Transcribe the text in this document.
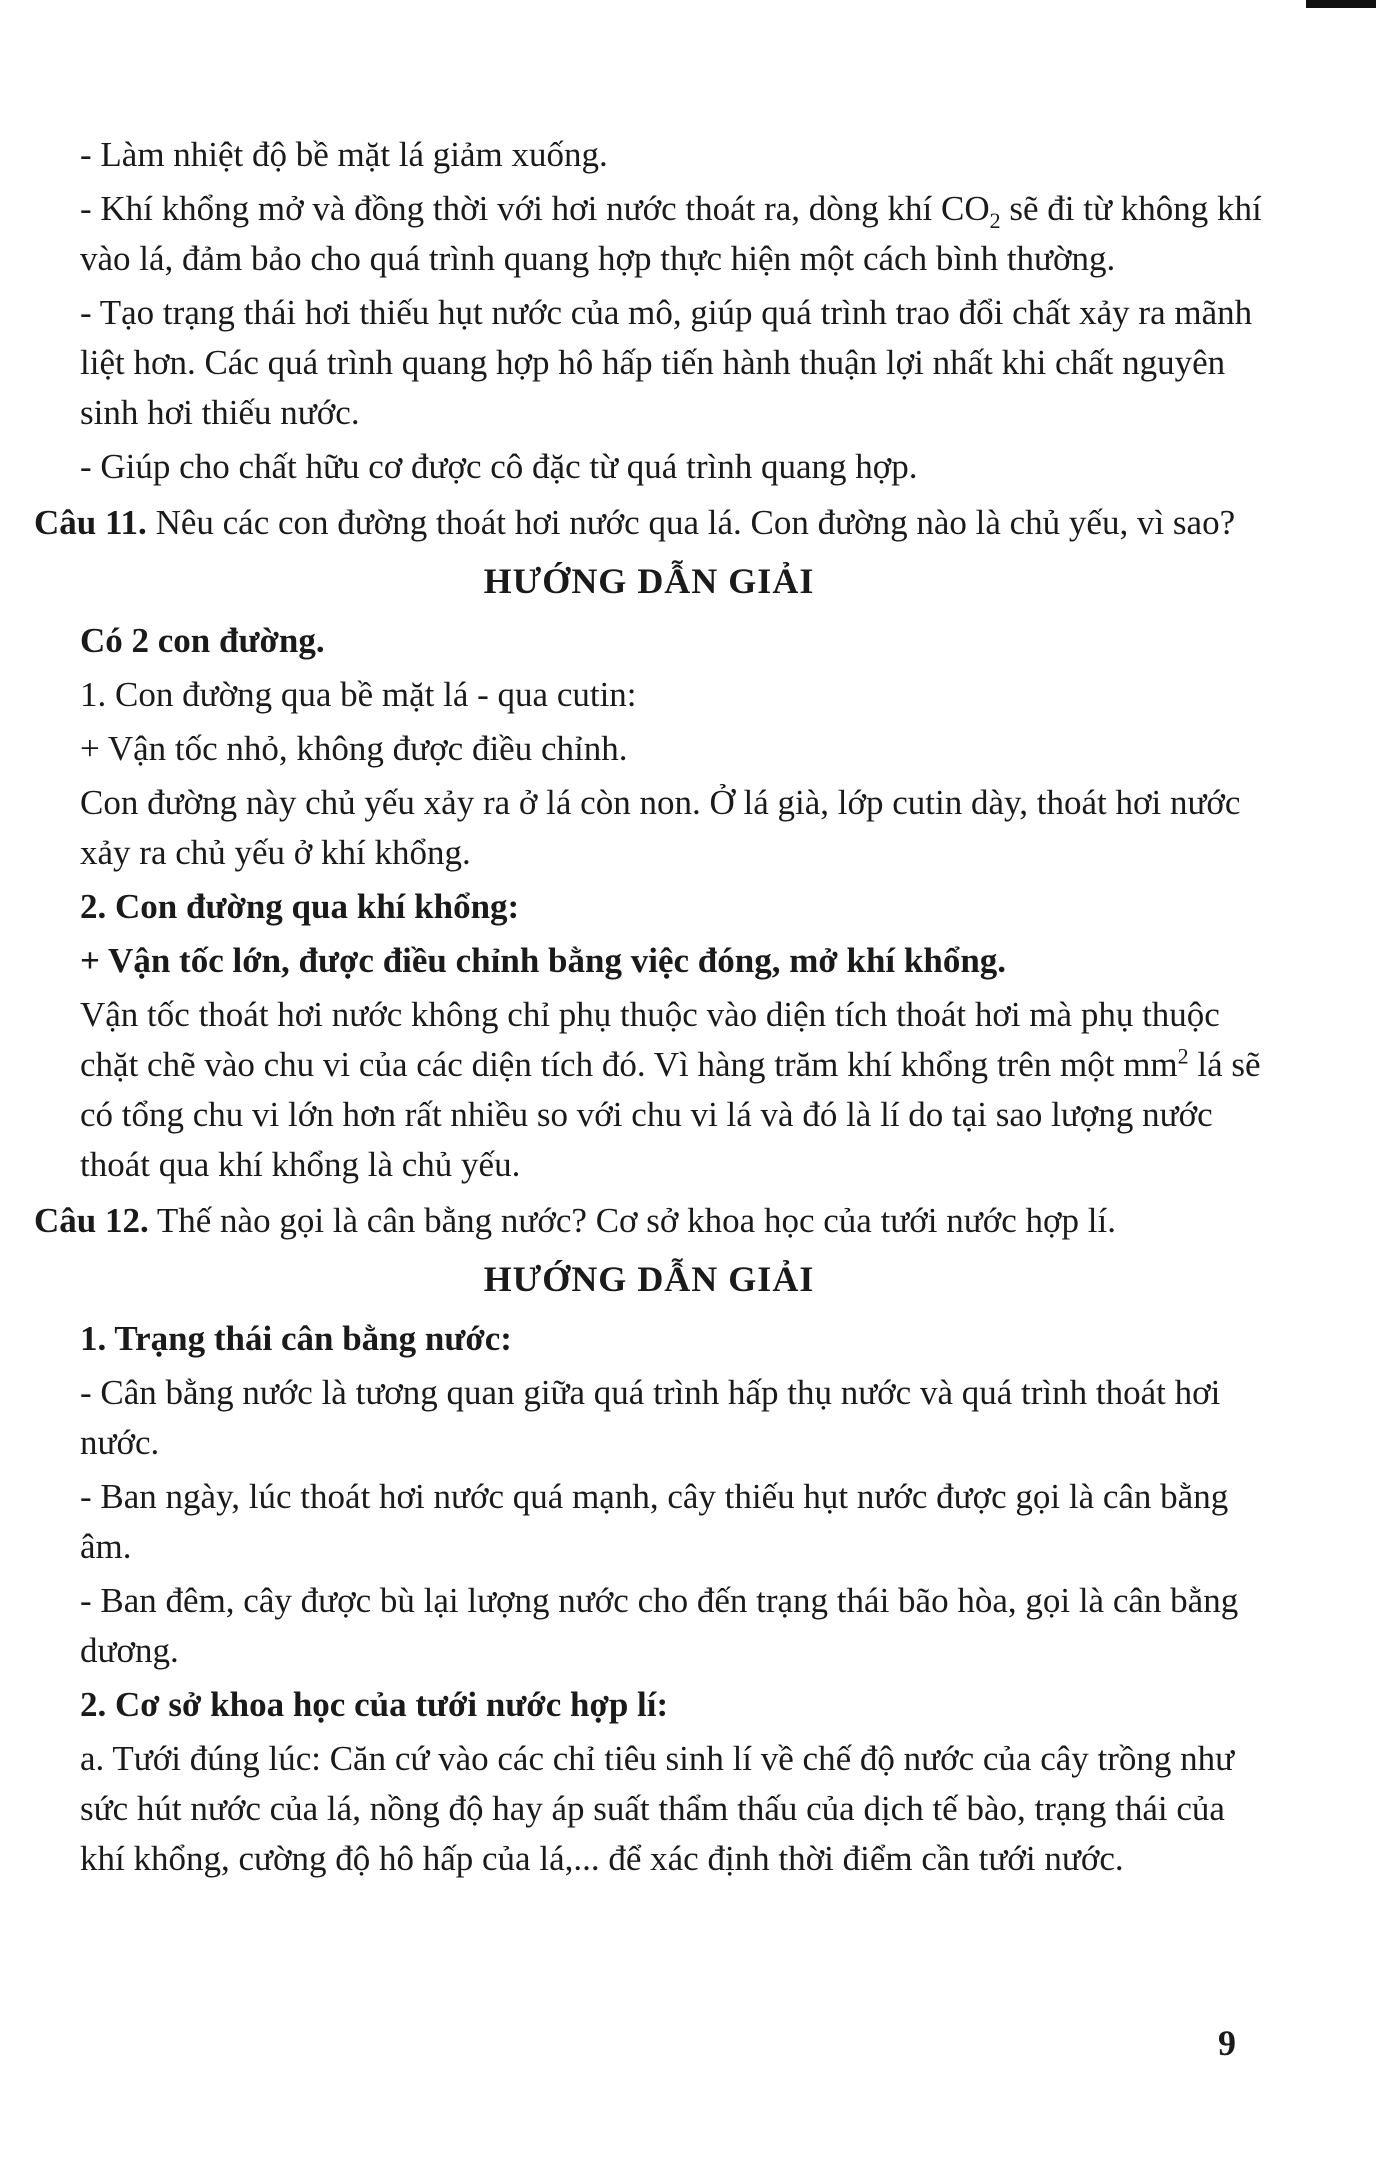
- Làm nhiệt độ bề mặt lá giảm xuống.

- Khí khổng mở và đồng thời với hơi nước thoát ra, dòng khí $CO_2$ sẽ đi từ không khí vào lá, đảm bảo cho quá trình quang hợp thực hiện một cách bình thường.

- Tạo trạng thái hơi thiếu hụt nước của mô, giúp quá trình trao đổi chất xảy ra mãnh liệt hơn. Các quá trình quang hợp hô hấp tiến hành thuận lợi nhất khi chất nguyên sinh hơi thiếu nước.

- Giúp cho chất hữu cơ được cô đặc từ quá trình quang hợp.

Câu 11. Nêu các con đường thoát hơi nước qua lá. Con đường nào là chủ yếu, vì sao?

HƯỚNG DẪN GIẢI

Có 2 con đường.

1. Con đường qua bề mặt lá - qua cutin:

+ Vận tốc nhỏ, không được điều chỉnh.

Con đường này chủ yếu xảy ra ở lá còn non. Ở lá già, lớp cutin dày, thoát hơi nước xảy ra chủ yếu ở khí khổng.

2. Con đường qua khí khổng:

+ Vận tốc lớn, được điều chỉnh bằng việc đóng, mở khí khổng.

Vận tốc thoát hơi nước không chỉ phụ thuộc vào diện tích thoát hơi mà phụ thuộc chặt chẽ vào chu vi của các diện tích đó. Vì hàng trăm khí khổng trên một $mm^2$ lá sẽ có tổng chu vi lớn hơn rất nhiều so với chu vi lá và đó là lí do tại sao lượng nước thoát qua khí khổng là chủ yếu.

Câu 12. Thế nào gọi là cân bằng nước? Cơ sở khoa học của tưới nước hợp lí.

HƯỚNG DẪN GIẢI

1. Trạng thái cân bằng nước:

- Cân bằng nước là tương quan giữa quá trình hấp thụ nước và quá trình thoát hơi nước.

- Ban ngày, lúc thoát hơi nước quá mạnh, cây thiếu hụt nước được gọi là cân bằng âm.

- Ban đêm, cây được bù lại lượng nước cho đến trạng thái bão hòa, gọi là cân bằng dương.

2. Cơ sở khoa học của tưới nước hợp lí:

a. Tưới đúng lúc: Căn cứ vào các chỉ tiêu sinh lí về chế độ nước của cây trồng như sức hút nước của lá, nồng độ hay áp suất thẩm thấu của dịch tế bào, trạng thái của khí khổng, cường độ hô hấp của lá,... để xác định thời điểm cần tưới nước.

9
